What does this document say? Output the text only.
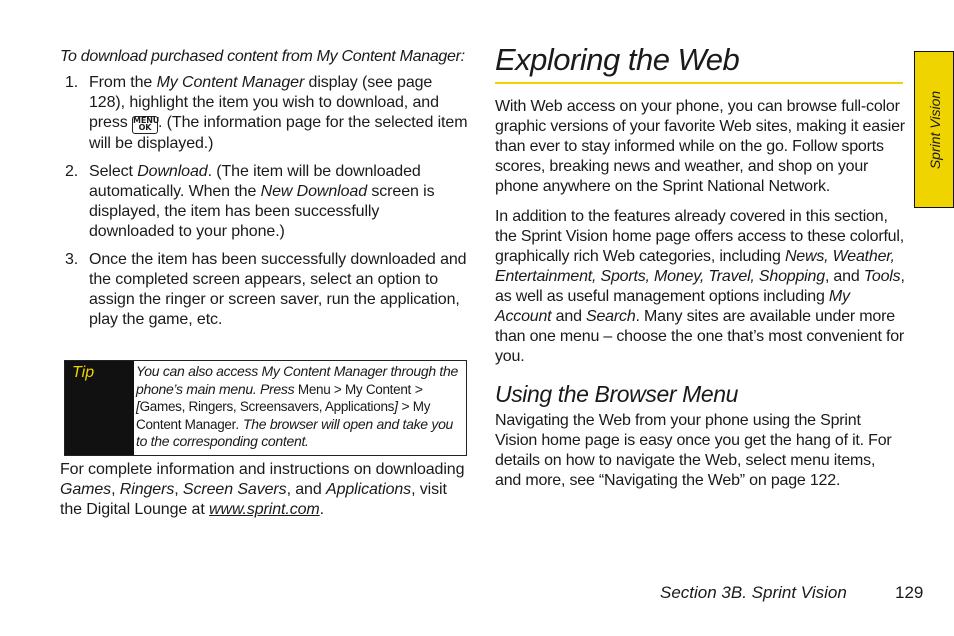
To download purchased content from My Content Manager:

1. From the My Content Manager display (see page 128), highlight the item you wish to download, and press MENU
OK . (The information page for the selected item will be displayed.)
2. Select Download. (The item will be downloaded automatically. When the New Download screen is displayed, the item has been successfully downloaded to your phone.)
3. Once the item has been successfully downloaded and the completed screen appears, select an option to assign the ringer or screen saver, run the application, play the game, etc.
Tip	You can also access My Content Manager through the phone’s main menu. Press Menu > My Content > [Games, Ringers, Screensavers, Applications] > My Content Manager. The browser will open and take you to the corresponding content.

For complete information and instructions on downloading Games, Ringers, Screen Savers, and Applications, visit the Digital Lounge at www.sprint.com.

Exploring the Web

With Web access on your phone, you can browse full-color graphic versions of your favorite Web sites, making it easier than ever to stay informed while on the go. Follow sports scores, breaking news and weather, and shop on your phone anywhere on the Sprint National Network.

In addition to the features already covered in this section, the Sprint Vision home page offers access to these colorful, graphically rich Web categories, including News, Weather, Entertainment, Sports, Money, Travel, Shopping, and Tools, as well as useful management options including My Account and Search. Many sites are available under more than one menu – choose the one that’s most convenient for you.

Using the Browser Menu

Navigating the Web from your phone using the Sprint Vision home page is easy once you get the hang of it. For details on how to navigate the Web, select menu items, and more, see “Navigating the Web” on page 122.

Sprint Vision
Section 3B. Sprint Vision	129
